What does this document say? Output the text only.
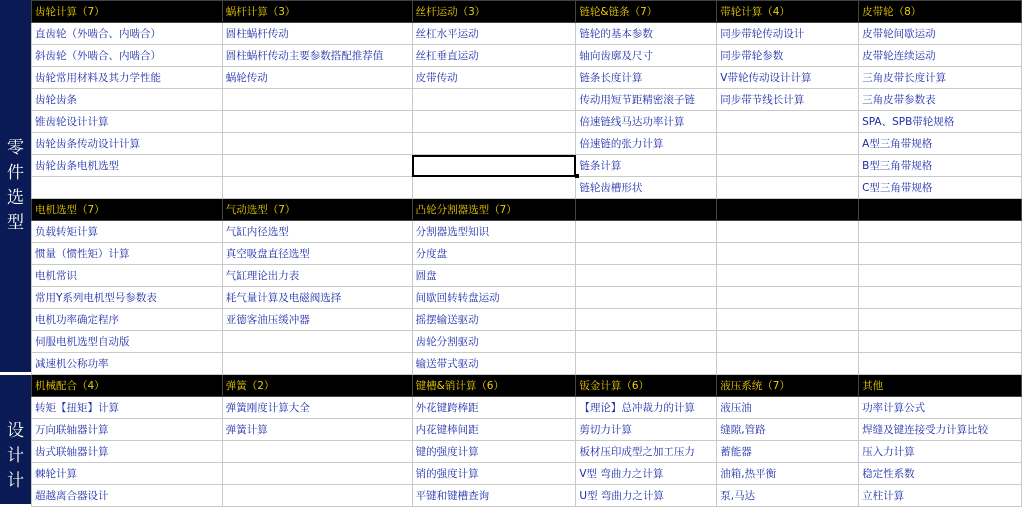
零
件
选
型
设
计
计
齿轮计算（7）	蜗杆计算（3）	丝杆运动（3）	链轮&链条（7）	带轮计算（4）	皮带轮（8）
直齿轮（外啮合、内啮合）	圆柱蜗杆传动	丝杠水平运动	链轮的基本参数	同步带轮传动设计	皮带轮间歇运动
斜齿轮（外啮合、内啮合）	圆柱蜗杆传动主要参数搭配推荐值	丝杠垂直运动	轴向齿廓及尺寸	同步带轮参数	皮带轮连续运动
齿轮常用材料及其力学性能	蜗轮传动	皮带传动	链条长度计算	V带轮传动设计计算	三角皮带长度计算
齿轮齿条			传动用短节距精密滚子链	同步带节线长计算	三角皮带参数表
锥齿轮设计计算			倍速链线马达功率计算		SPA、SPB带轮规格
齿轮齿条传动设计计算			倍速链的张力计算		A型三角带规格
齿轮齿条电机选型			链条计算		B型三角带规格
			链轮齿槽形状		C型三角带规格
电机选型（7）	气动选型（7）	凸轮分割器选型（7）			
负载转矩计算	气缸内径选型	分割器选型知识			
惯量（惯性矩）计算	真空吸盘直径选型	分度盘			
电机常识	气缸理论出力表	圆盘			
常用Y系列电机型号参数表	耗气量计算及电磁阀选择	间歇回转转盘运动			
电机功率确定程序	亚德客油压缓冲器	摇摆输送驱动			
伺服电机选型自动版		齿轮分割驱动			
减速机公称功率		输送带式驱动			
机械配合（4）	弹簧（2）	键槽&销计算（6）	钣金计算（6）	液压系统（7）	其他
转矩【扭矩】计算	弹簧刚度计算大全	外花键跨棒距	【理论】总冲裁力的计算	液压油	功率计算公式
万向联轴器计算	弹簧计算	内花键棒间距	剪切力计算	缝隙,管路	焊缝及键连接受力计算比较
齿式联轴器计算		键的强度计算	板材压印成型之加工压力	蓄能器	压入力计算
棘轮计算		销的强度计算	V型 弯曲力之计算	油箱,热平衡	稳定性系数
超越离合器设计		平键和键槽查询	U型 弯曲力之计算	泵,马达	立柱计算
